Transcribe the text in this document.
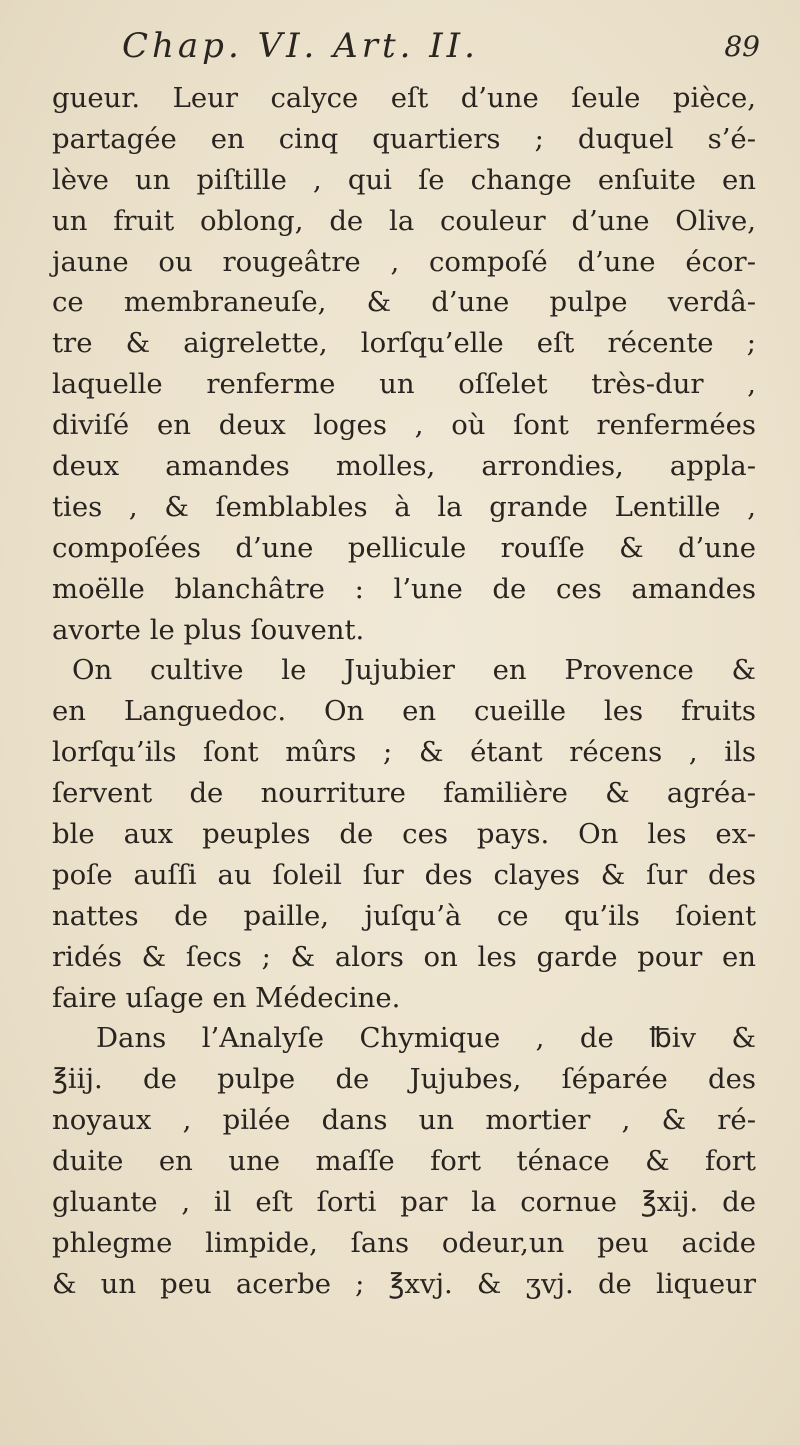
Chap. VI. Art. II.	89
gueur. Leur calyce eſt d’une ſeule pièce,
partagée en cinq quartiers ; duquel s’é-
lève un piſtille , qui ſe change enſuite en
un fruit oblong, de la couleur d’une Olive,
jaune ou rougeâtre , compoſé d’une écor-
ce membraneuſe, & d’une pulpe verdâ-
tre & aigrelette, lorſqu’elle eſt récente ;
laquelle renferme un oſſelet très-dur ,
diviſé en deux loges , où ſont renfermées
deux amandes molles, arrondies, appla-
ties , & ſemblables à la grande Lentille ,
compoſées d’une pellicule rouſſe & d’une
moëlle blanchâtre : l’une de ces amandes
avorte le plus ſouvent.
On cultive le Jujubier en Provence &
en Languedoc. On en cueille les fruits
lorſqu’ils ſont mûrs ; & étant récens , ils
ſervent de nourriture familière & agréa-
ble aux peuples de ces pays. On les ex-
poſe auſſi au ſoleil ſur des clayes & ſur des
nattes de paille, juſqu’à ce qu’ils ſoient
ridés & ſecs ; & alors on les garde pour en
faire uſage en Médecine.
Dans l’Analyſe Chymique , de ℔iv &
℥iij. de pulpe de Jujubes, ſéparée des
noyaux , pilée dans un mortier , & ré-
duite en une maſſe fort ténace & fort
gluante , il eſt ſorti par la cornue ℥xij. de
phlegme limpide, ſans odeur,un peu acide
& un peu acerbe ; ℥xvj. & ʒvj. de liqueur
